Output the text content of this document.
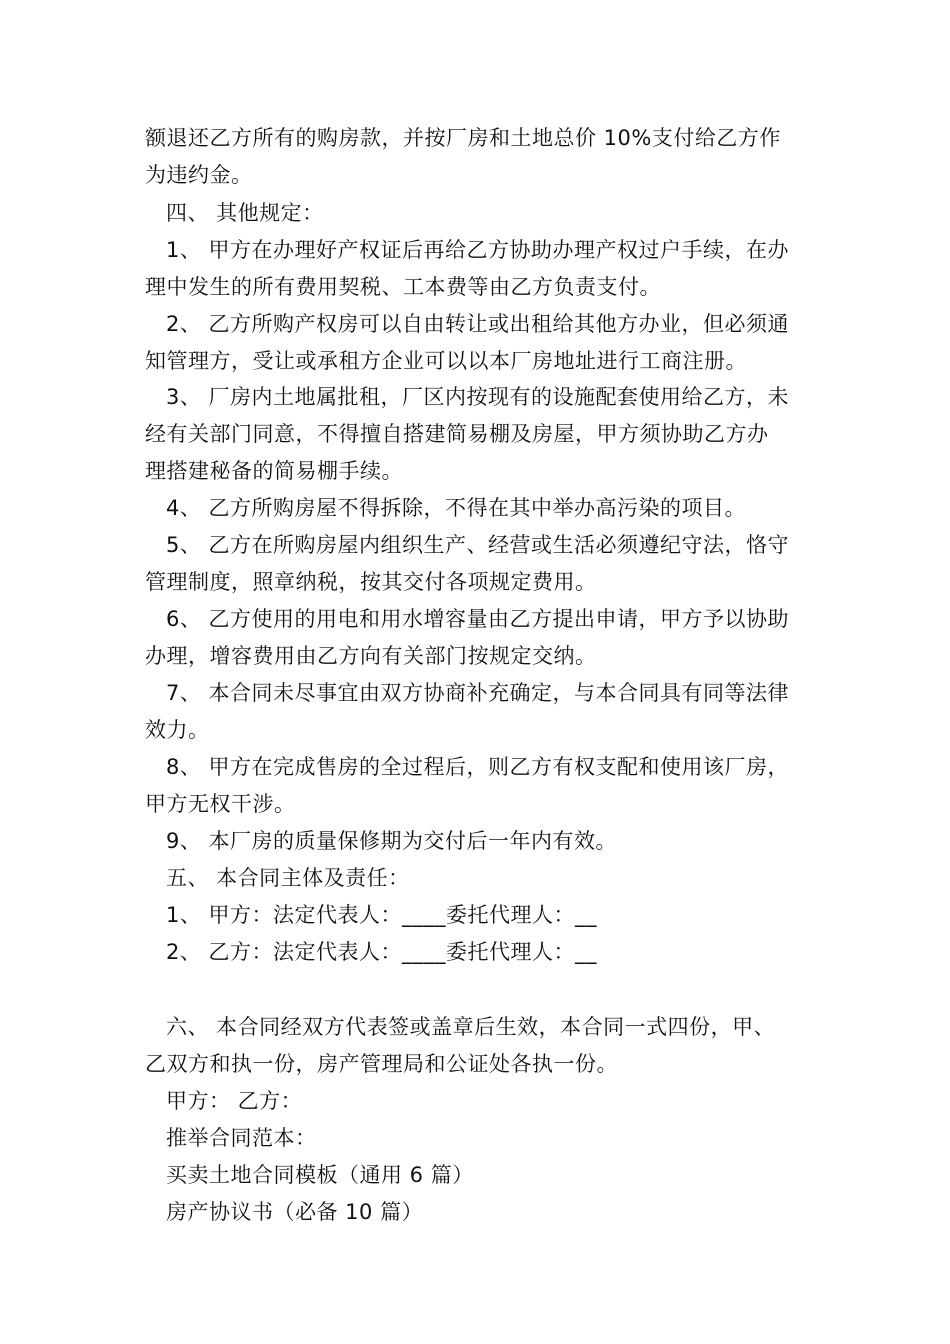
额退还乙方所有的购房款，并按厂房和土地总价 10%支付给乙方作
为违约金。
四、 其他规定：
1、 甲方在办理好产权证后再给乙方协助办理产权过户手续，在办
理中发生的所有费用契税、工本费等由乙方负责支付。
2、 乙方所购产权房可以自由转让或出租给其他方办业，但必须通
知管理方，受让或承租方企业可以以本厂房地址进行工商注册。
3、 厂房内土地属批租，厂区内按现有的设施配套使用给乙方，未
经有关部门同意，不得擅自搭建简易棚及房屋，甲方须协助乙方办
理搭建秘备的简易棚手续。
4、 乙方所购房屋不得拆除，不得在其中举办高污染的项目。
5、 乙方在所购房屋内组织生产、经营或生活必须遵纪守法，恪守
管理制度，照章纳税，按其交付各项规定费用。
6、 乙方使用的用电和用水增容量由乙方提出申请，甲方予以协助
办理，增容费用由乙方向有关部门按规定交纳。
7、 本合同未尽事宜由双方协商补充确定，与本合同具有同等法律
效力。
8、 甲方在完成售房的全过程后，则乙方有权支配和使用该厂房，
甲方无权干涉。
9、 本厂房的质量保修期为交付后一年内有效。
五、 本合同主体及责任：
1、 甲方：法定代表人：____委托代理人：__
2、 乙方：法定代表人：____委托代理人：__
六、 本合同经双方代表签或盖章后生效，本合同一式四份，甲、
乙双方和执一份，房产管理局和公证处各执一份。
甲方： 乙方：
推举合同范本：
买卖土地合同模板（通用 6 篇）
房产协议书（必备 10 篇）
